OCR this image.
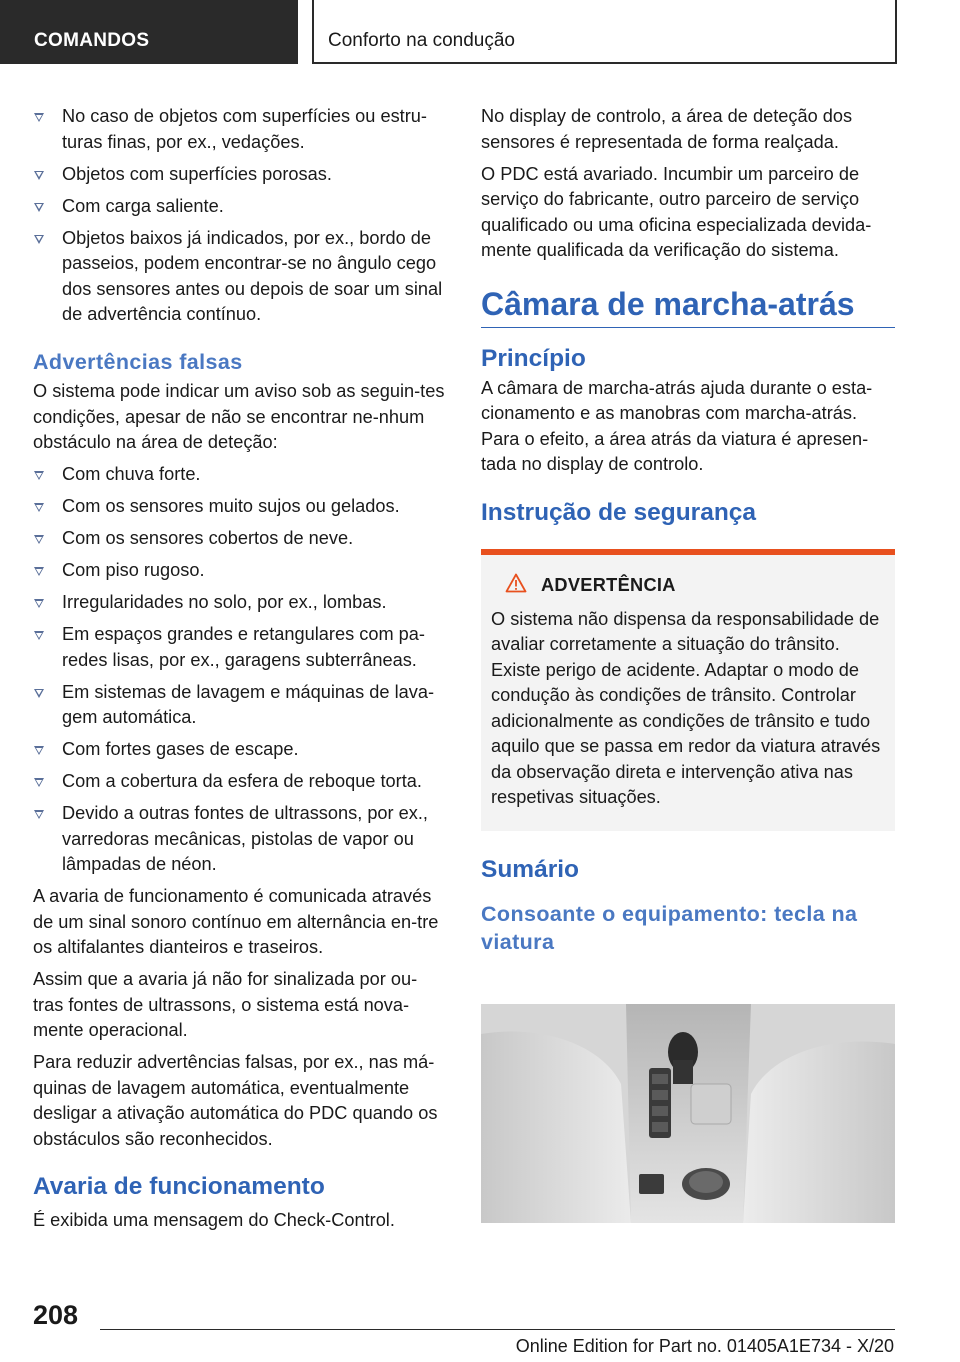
COMANDOS	Conforto na condução
No caso de objetos com superfícies ou estru‐turas finas, por ex., vedações.
Objetos com superfícies porosas.
Com carga saliente.
Objetos baixos já indicados, por ex., bordo de passeios, podem encontrar-se no ângulo cego dos sensores antes ou depois de soar um sinal de advertência contínuo.
Advertências falsas

O sistema pode indicar um aviso sob as seguin‐tes condições, apesar de não se encontrar ne‐nhum obstáculo na área de deteção:

Com chuva forte.
Com os sensores muito sujos ou gelados.
Com os sensores cobertos de neve.
Com piso rugoso.
Irregularidades no solo, por ex., lombas.
Em espaços grandes e retangulares com pa‐redes lisas, por ex., garagens subterrâneas.
Em sistemas de lavagem e máquinas de lava‐gem automática.
Com fortes gases de escape.
Com a cobertura da esfera de reboque torta.
Devido a outras fontes de ultrassons, por ex., varredoras mecânicas, pistolas de vapor ou lâmpadas de néon.

A avaria de funcionamento é comunicada através de um sinal sonoro contínuo em alternância en‐tre os altifalantes dianteiros e traseiros.

Assim que a avaria já não for sinalizada por ou‐tras fontes de ultrassons, o sistema está nova‐mente operacional.

Para reduzir advertências falsas, por ex., nas má‐quinas de lavagem automática, eventualmente desligar a ativação automática do PDC quando os obstáculos são reconhecidos.

Avaria de funcionamento

É exibida uma mensagem do Check-Control.

No display de controlo, a área de deteção dos sensores é representada de forma realçada.

O PDC está avariado. Incumbir um parceiro de serviço do fabricante, outro parceiro de serviço qualificado ou uma oficina especializada devida‐mente qualificada da verificação do sistema.

Câmara de marcha-atrás
Princípio

A câmara de marcha-atrás ajuda durante o esta‐cionamento e as manobras com marcha-atrás. Para o efeito, a área atrás da viatura é apresen‐tada no display de controlo.

Instrução de segurança
ADVERTÊNCIA
O sistema não dispensa da responsabilidade de avaliar corretamente a situação do trânsito. Existe perigo de acidente. Adaptar o modo de condução às condições de trânsito. Controlar adicionalmente as condições de trânsito e tudo aquilo que se passa em redor da viatura através da observação direta e intervenção ativa nas respetivas situações.
Sumário
Consoante o equipamento: tecla na viatura
208
Online Edition for Part no. 01405A1E734 - X/20
